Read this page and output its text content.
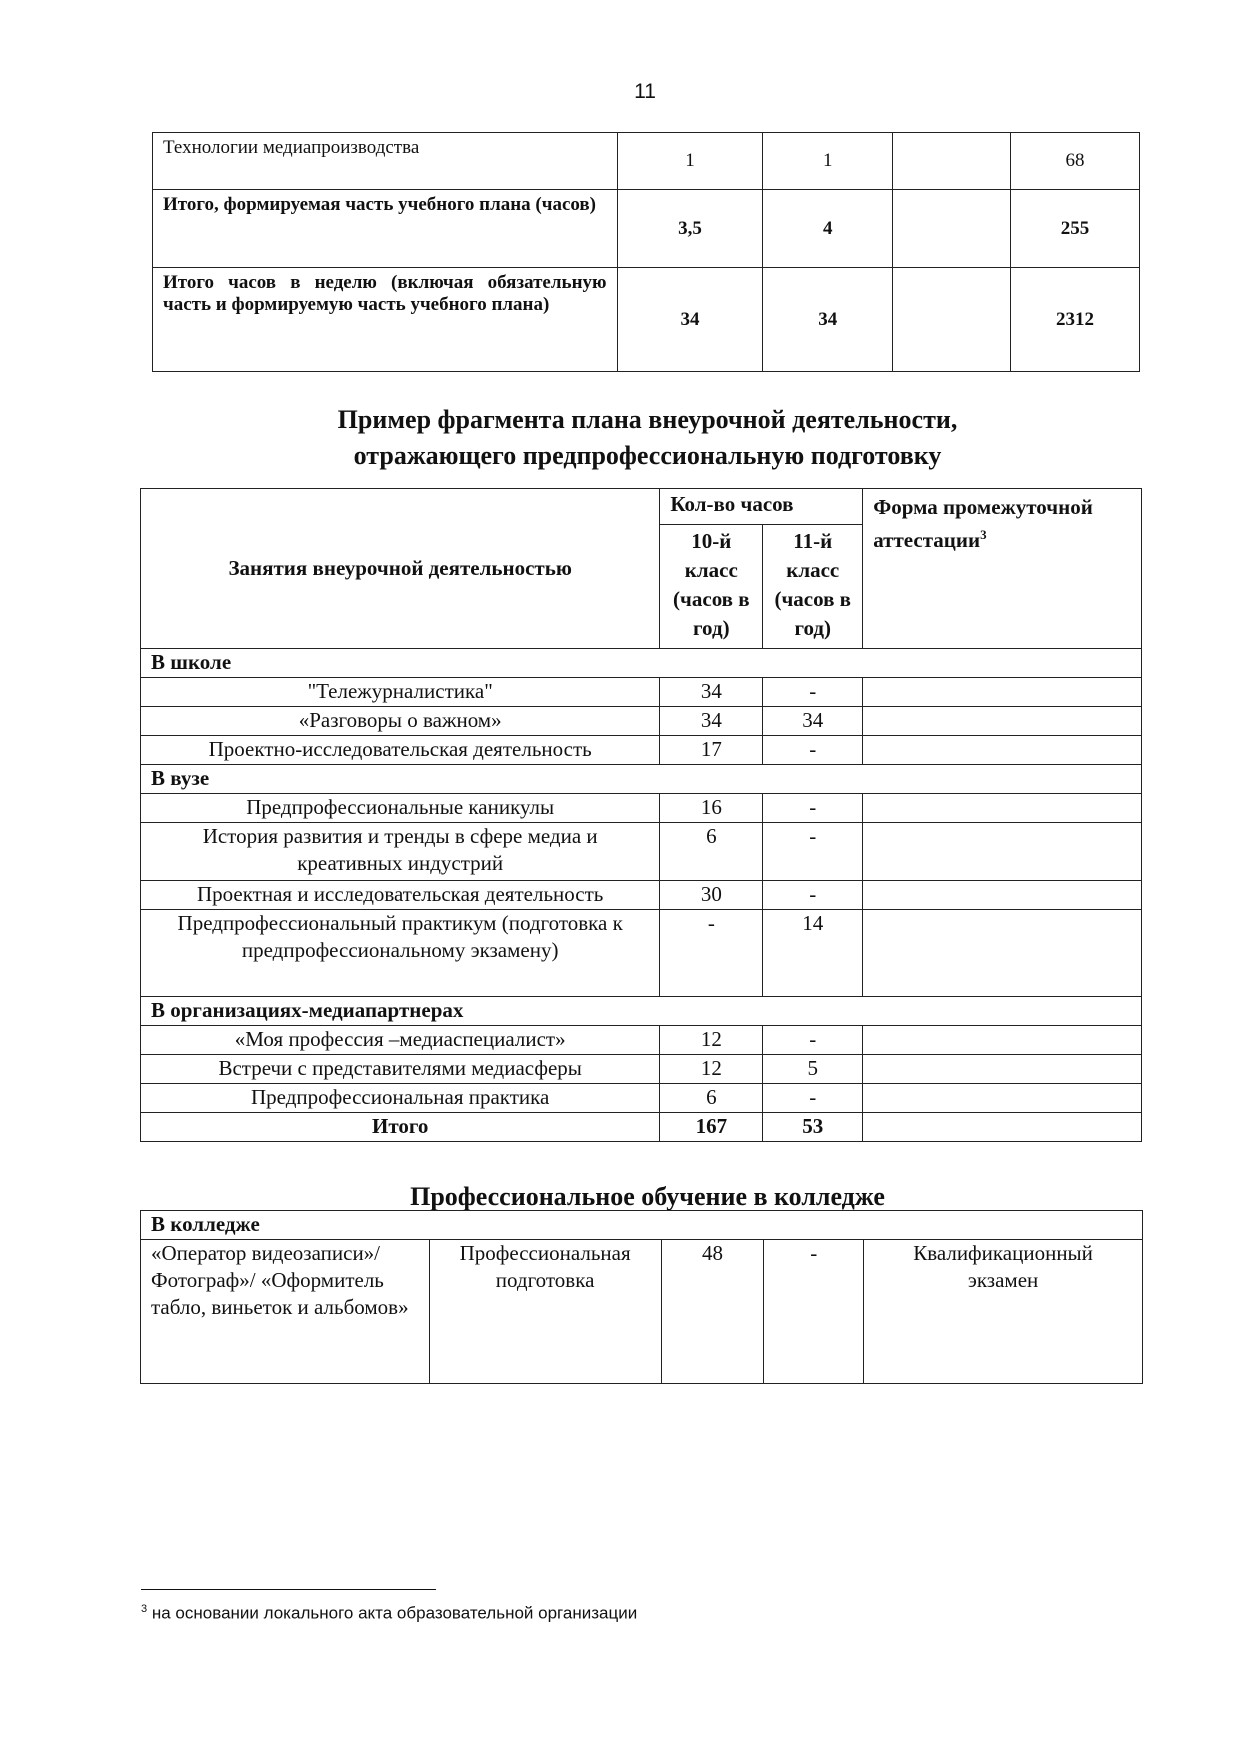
11
Технологии медиапроизводства	1	1		68
Итого, формируемая часть учебного плана (часов)	3,5	4		255
Итого часов в неделю (включая обязательную часть и формируемую часть учебного плана)	34	34		2312
Пример фрагмента плана внеурочной деятельности,
отражающего предпрофессиональную подготовку
Занятия внеурочной деятельностью	Кол-во часов		Форма промежуточной аттестации$^3$
	10-й класс (часов в год)	11-й класс (часов в год)	
В школе			
"Тележурналистика"	34	-	
«Разговоры о важном»	34	34	
Проектно-исследовательская деятельность	17	-	
В вузе			
Предпрофессиональные каникулы	16	-	
История развития и тренды в сфере медиа и креативных индустрий	6	-	
Проектная и исследовательская деятельность	30	-	
Предпрофессиональный практикум (подготовка к предпрофессиональному экзамену)	-	14	
В организациях-медиапартнерах			
«Моя профессия –медиаспециалист»	12	-	
Встречи с представителями медиасферы	12	5	
Предпрофессиональная практика	6	-	
Итого	167	53	
Профессиональное обучение в колледже
В колледже
«Оператор видеозаписи»/ Фотограф»/ «Оформитель табло, виньеток и альбомов»	Профессиональная подготовка	48	-	Квалификационный экзамен
$^3$ на основании локального акта образовательной организации
